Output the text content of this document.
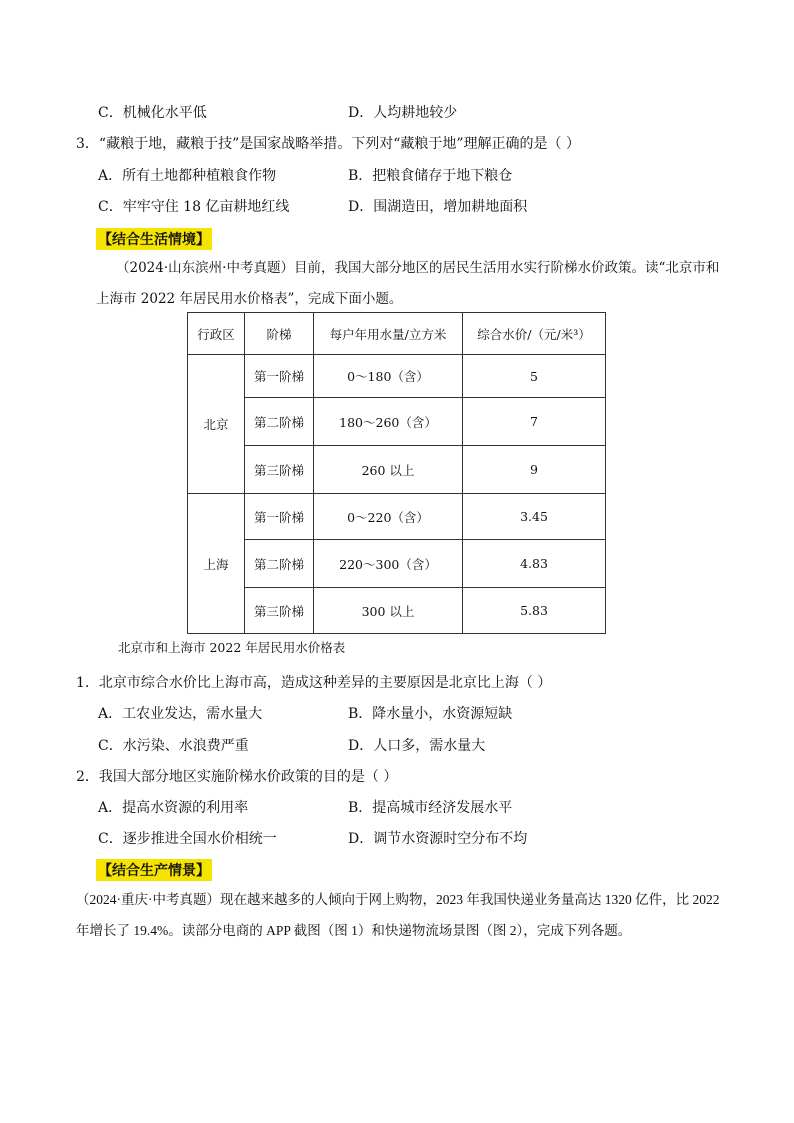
C．机械化水平低	D．人均耕地较少
3．“藏粮于地，藏粮于技”是国家战略举措。下列对“藏粮于地”理解正确的是（ ）
A．所有土地都种植粮食作物	B．把粮食储存于地下粮仓
C．牢牢守住 18 亿亩耕地红线	D．围湖造田，增加耕地面积
【结合生活情境】
（2024·山东滨州·中考真题）目前，我国大部分地区的居民生活用水实行阶梯水价政策。读“北京市和
上海市 2022 年居民用水价格表”，完成下面小题。
行政区	阶梯	每户年用水量/立方米	综合水价/（元/米³）
北京	第一阶梯	0～180（含）	5
	第二阶梯	180～260（含）	7
	第三阶梯	260 以上	9
上海	第一阶梯	0～220（含）	3.45
	第二阶梯	220～300（含）	4.83
	第三阶梯	300 以上	5.83
北京市和上海市 2022 年居民用水价格表
1．北京市综合水价比上海市高，造成这种差异的主要原因是北京比上海（ ）
A．工农业发达，需水量大	B．降水量小，水资源短缺
C．水污染、水浪费严重	D．人口多，需水量大
2．我国大部分地区实施阶梯水价政策的目的是（ ）
A．提高水资源的利用率	B．提高城市经济发展水平
C．逐步推进全国水价相统一	D．调节水资源时空分布不均
【结合生产情景】
（2024·重庆·中考真题）现在越来越多的人倾向于网上购物，2023 年我国快递业务量高达 1320 亿件，比 2022
年增长了 19.4%。读部分电商的 APP 截图（图 1）和快递物流场景图（图 2），完成下列各题。
